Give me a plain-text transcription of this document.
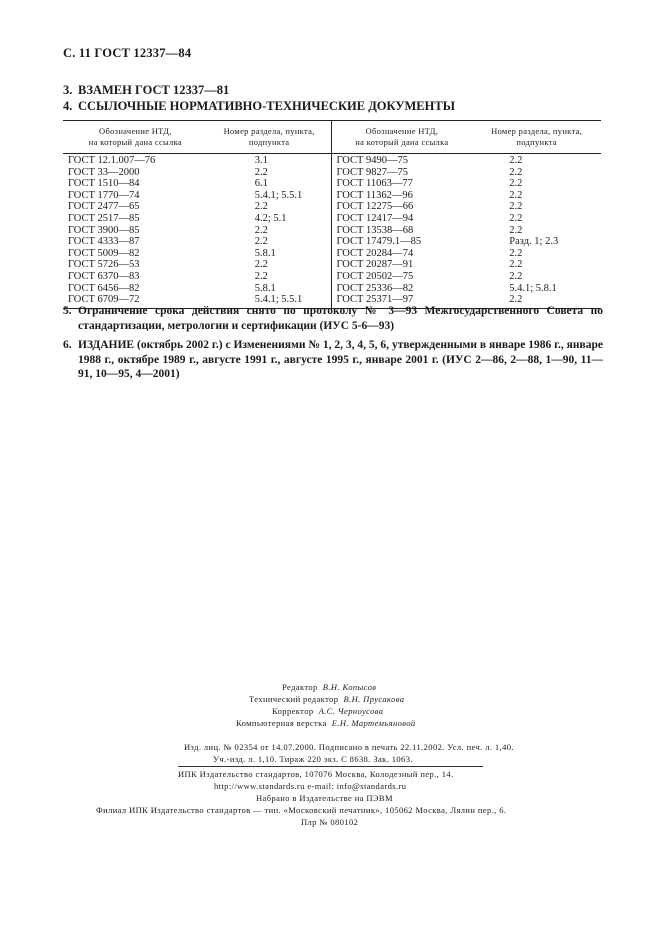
С. 11 ГОСТ 12337—84
3. ВЗАМЕН ГОСТ 12337—81
4. ССЫЛОЧНЫЕ НОРМАТИВНО-ТЕХНИЧЕСКИЕ ДОКУМЕНТЫ
Обозначение НТД,
на который дана ссылка
Номер раздела, пункта,
подпункта
Обозначение НТД,
на который дана ссылка
Номер раздела, пункта,
подпункта
ГОСТ 12.1.007—76
ГОСТ 33—2000
ГОСТ 1510—84
ГОСТ 1770—74
ГОСТ 2477—65
ГОСТ 2517—85
ГОСТ 3900—85
ГОСТ 4333—87
ГОСТ 5009—82
ГОСТ 5726—53
ГОСТ 6370—83
ГОСТ 6456—82
ГОСТ 6709—72
3.1
2.2
6.1
5.4.1; 5.5.1
2.2
4.2; 5.1
2.2
2.2
5.8.1
2.2
2.2
5.8.1
5.4.1; 5.5.1
ГОСТ 9490—75
ГОСТ 9827—75
ГОСТ 11063—77
ГОСТ 11362—96
ГОСТ 12275—66
ГОСТ 12417—94
ГОСТ 13538—68
ГОСТ 17479.1—85
ГОСТ 20284—74
ГОСТ 20287—91
ГОСТ 20502—75
ГОСТ 25336—82
ГОСТ 25371—97
2.2
2.2
2.2
2.2
2.2
2.2
2.2
Разд. 1; 2.3
2.2
2.2
2.2
5.4.1; 5.8.1
2.2
5. Ограничение срока действия снято по протоколу № 3—93 Межгосударственного Совета по стандартизации, метрологии и сертификации (ИУС 5-6—93)
6. ИЗДАНИЕ (октябрь 2002 г.) с Изменениями № 1, 2, 3, 4, 5, 6, утвержденными в январе 1986 г., январе 1988 г., октябре 1989 г., августе 1991 г., августе 1995 г., январе 2001 г. (ИУС 2—86, 2—88, 1—90, 11—91, 10—95, 4—2001)
Редактор В.Н. Копысов
Технический редактор В.Н. Прусакова
Корректор А.С. Черноусова
Компьютерная верстка Е.Н. Мартемьяновой
Изд. лиц. № 02354 от 14.07.2000. Подписано в печать 22.11.2002. Усл. печ. л. 1,40.
Уч.-изд. л. 1,10. Тираж 220 экз. С 8638. Зак. 1063.
ИПК Издательство стандартов, 107076 Москва, Колодезный пер., 14.
http://www.standards.ru e-mail: info@standards.ru
Набрано в Издательстве на ПЭВМ
Филиал ИПК Издательство стандартов — тип. «Московский печатник», 105062 Москва, Лялин пер., 6.
Плр № 080102
